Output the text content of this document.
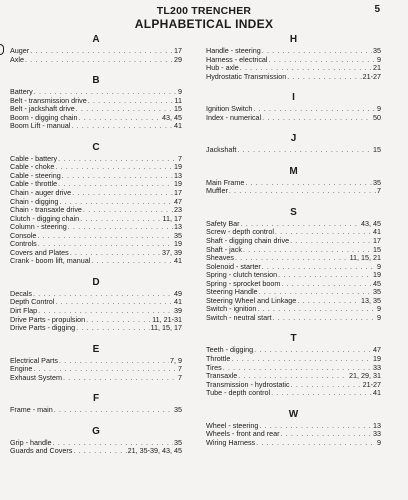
TL200 TRENCHER	5
ALPHABETICAL INDEX
A
Auger . . .	17
Axle . . .	29
B
Battery . . .	9
Belt - transmission drive . . .	11
Belt - jackshaft drive . . .	15
Boom - digging chain . . .	43, 45
Boom Lift - manual . . .	41
C
Cable - battery . . .	7
Cable - choke . . .	19
Cable - steering . . .	13
Cable - throttle . . .	19
Chain - auger drive . . .	17
Chain - digging . . .	47
Chain - transaxle drive . . .	23
Clutch - digging chain . . .	11, 17
Column - steering . . .	13
Console . . .	35
Controls . . .	19
Covers and Plates . . .	37, 39
Crank - boom lift, manual . . .	41
D
Decals . . .	49
Depth Control . . .	41
Dirt Flap . . .	39
Drive Parts - propulsion . . .	11, 21-31
Drive Parts - digging . . .	11, 15, 17
E
Electrical Parts . . .	7, 9
Engine . . .	7
Exhaust System . . .	7
F
Frame - main . . .	35
G
Grip - handle . . .	35
Guards and Covers . . .	21, 35-39, 43, 45
H
Handle - steering . . .	35
Harness - electrical . . .	9
Hub - axle . . .	21
Hydrostatic Transmission . . .	21-27
I
Ignition Switch . . .	9
Index - numerical . . .	50
J
Jackshaft . . .	15
M
Main Frame . . .	35
Muffler . . .	7
S
Safety Bar . . .	43, 45
Screw - depth control . . .	41
Shaft - digging chain drive . . .	17
Shaft - jack . . .	15
Sheaves . . .	11, 15, 21
Solenoid - starter . . .	9
Spring - clutch tension . . .	19
Spring - sprocket boom . . .	45
Steering Handle . . .	35
Steering Wheel and Linkage . . .	13, 35
Switch - ignition . . .	9
Switch - neutral start . . .	9
T
Teeth - digging . . .	47
Throttle . . .	19
Tires . . .	33
Transaxle . . .	21, 29, 31
Transmission - hydrostatic . . .	21-27
Tube - depth control . . .	41
W
Wheel - steering . . .	13
Wheels - front and rear . . .	33
Wiring Harness . . .	9
